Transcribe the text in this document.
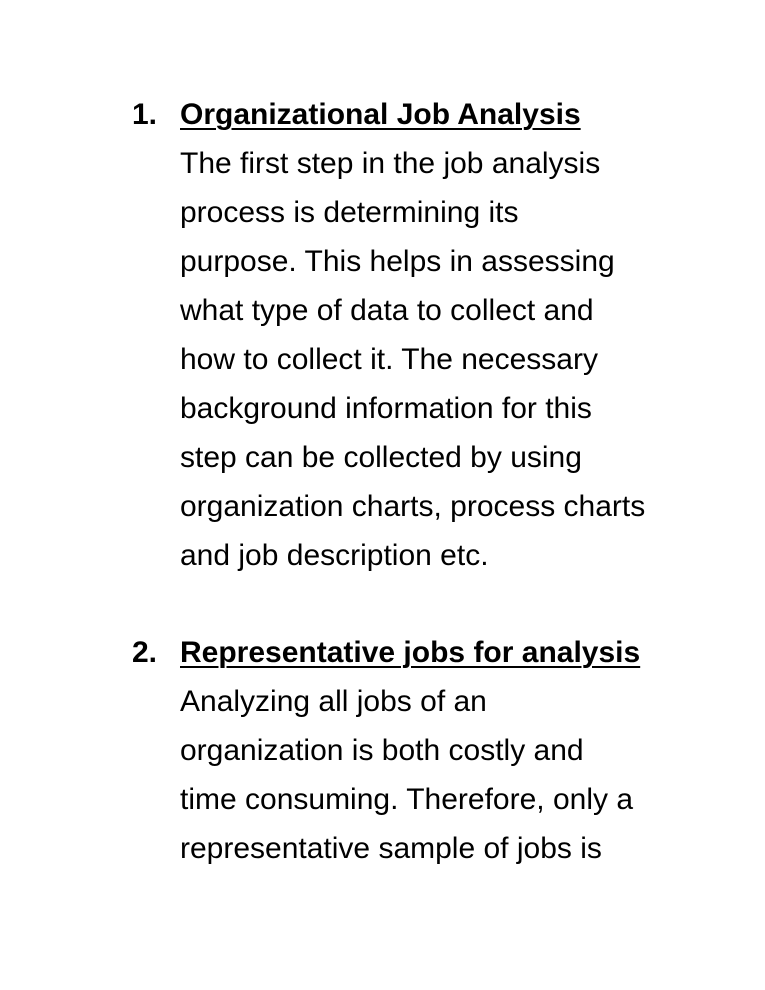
1. Organizational Job Analysis
The first step in the job analysis
process is determining its
purpose. This helps in assessing
what type of data to collect and
how to collect it. The necessary
background information for this
step can be collected by using
organization charts, process charts
and job description etc.
2. Representative jobs for analysis
Analyzing all jobs of an
organization is both costly and
time consuming. Therefore, only a
representative sample of jobs is
